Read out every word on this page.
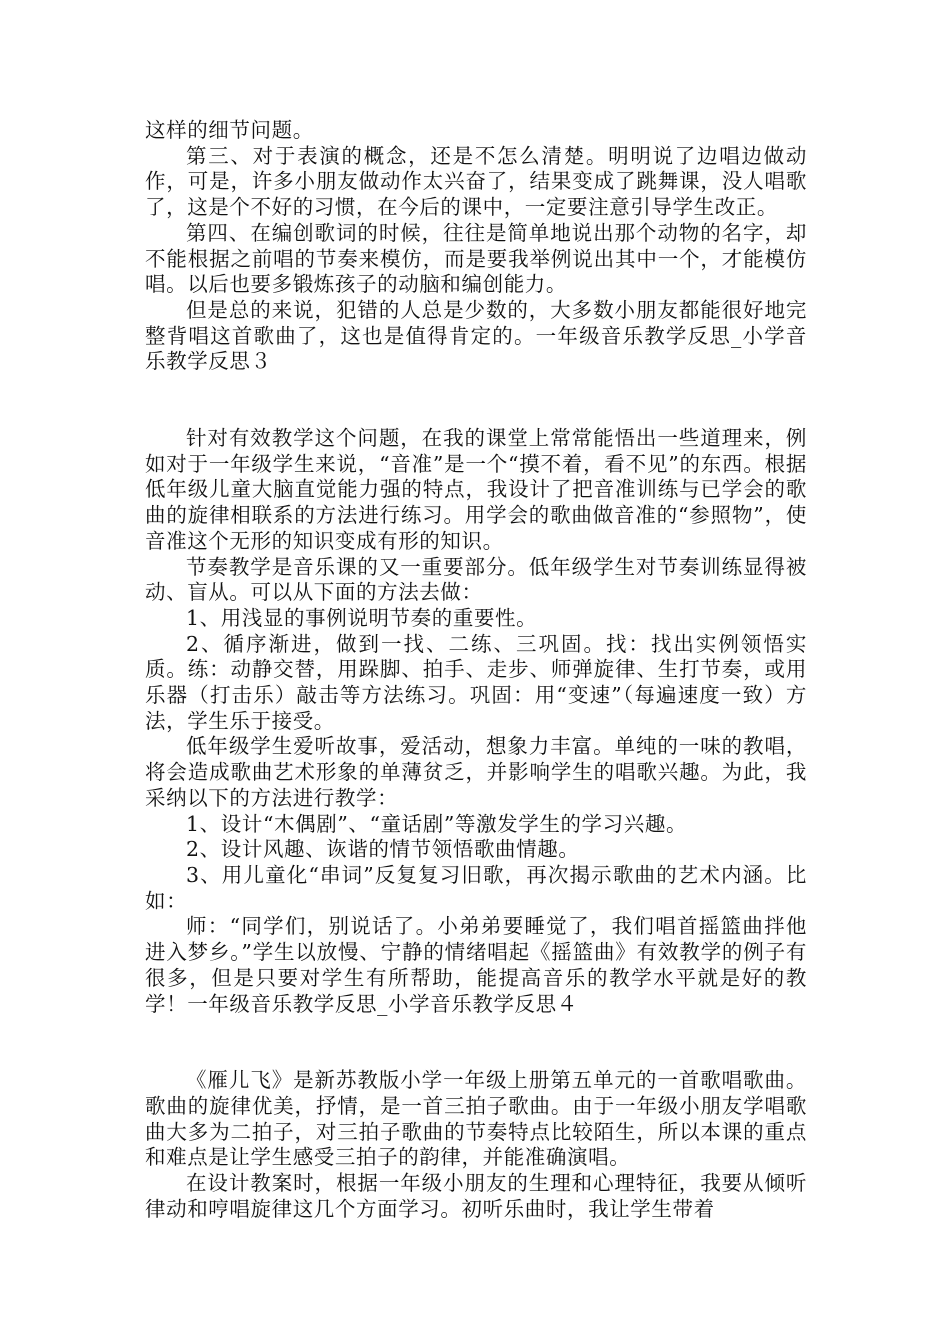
这样的细节问题。

第三、对于表演的概念，还是不怎么清楚。明明说了边唱边做动作，可是，许多小朋友做动作太兴奋了，结果变成了跳舞课，没人唱歌了，这是个不好的习惯，在今后的课中，一定要注意引导学生改正。

第四、在编创歌词的时候，往往是简单地说出那个动物的名字，却不能根据之前唱的节奏来模仿，而是要我举例说出其中一个，才能模仿唱。以后也要多锻炼孩子的动脑和编创能力。

但是总的来说，犯错的人总是少数的，大多数小朋友都能很好地完整背唱这首歌曲了，这也是值得肯定的。一年级音乐教学反思_小学音乐教学反思３

针对有效教学这个问题，在我的课堂上常常能悟出一些道理来，例如对于一年级学生来说，“音准”是一个“摸不着，看不见”的东西。根据低年级儿童大脑直觉能力强的特点，我设计了把音准训练与已学会的歌曲的旋律相联系的方法进行练习。用学会的歌曲做音准的“参照物”，使音准这个无形的知识变成有形的知识。

节奏教学是音乐课的又一重要部分。低年级学生对节奏训练显得被动、盲从。可以从下面的方法去做：

1、用浅显的事例说明节奏的重要性。

2、循序渐进，做到一找、二练、三巩固。找：找出实例领悟实质。练：动静交替，用跺脚、拍手、走步、师弹旋律、生打节奏，或用乐器（打击乐）敲击等方法练习。巩固：用“变速”（每遍速度一致）方法，学生乐于接受。

低年级学生爱听故事，爱活动，想象力丰富。单纯的一味的教唱，将会造成歌曲艺术形象的单薄贫乏，并影响学生的唱歌兴趣。为此，我采纳以下的方法进行教学：

1、设计“木偶剧”、“童话剧”等激发学生的学习兴趣。

2、设计风趣、诙谐的情节领悟歌曲情趣。

3、用儿童化“串词”反复复习旧歌，再次揭示歌曲的艺术内涵。比如：

师：“同学们，别说话了。小弟弟要睡觉了，我们唱首摇篮曲拌他进入梦乡。”学生以放慢、宁静的情绪唱起《摇篮曲》有效教学的例子有很多，但是只要对学生有所帮助，能提高音乐的教学水平就是好的教学！一年级音乐教学反思_小学音乐教学反思４

《雁儿飞》是新苏教版小学一年级上册第五单元的一首歌唱歌曲。歌曲的旋律优美，抒情，是一首三拍子歌曲。由于一年级小朋友学唱歌曲大多为二拍子，对三拍子歌曲的节奏特点比较陌生，所以本课的重点和难点是让学生感受三拍子的韵律，并能准确演唱。

在设计教案时，根据一年级小朋友的生理和心理特征，我要从倾听律动和哼唱旋律这几个方面学习。初听乐曲时，我让学生带着
